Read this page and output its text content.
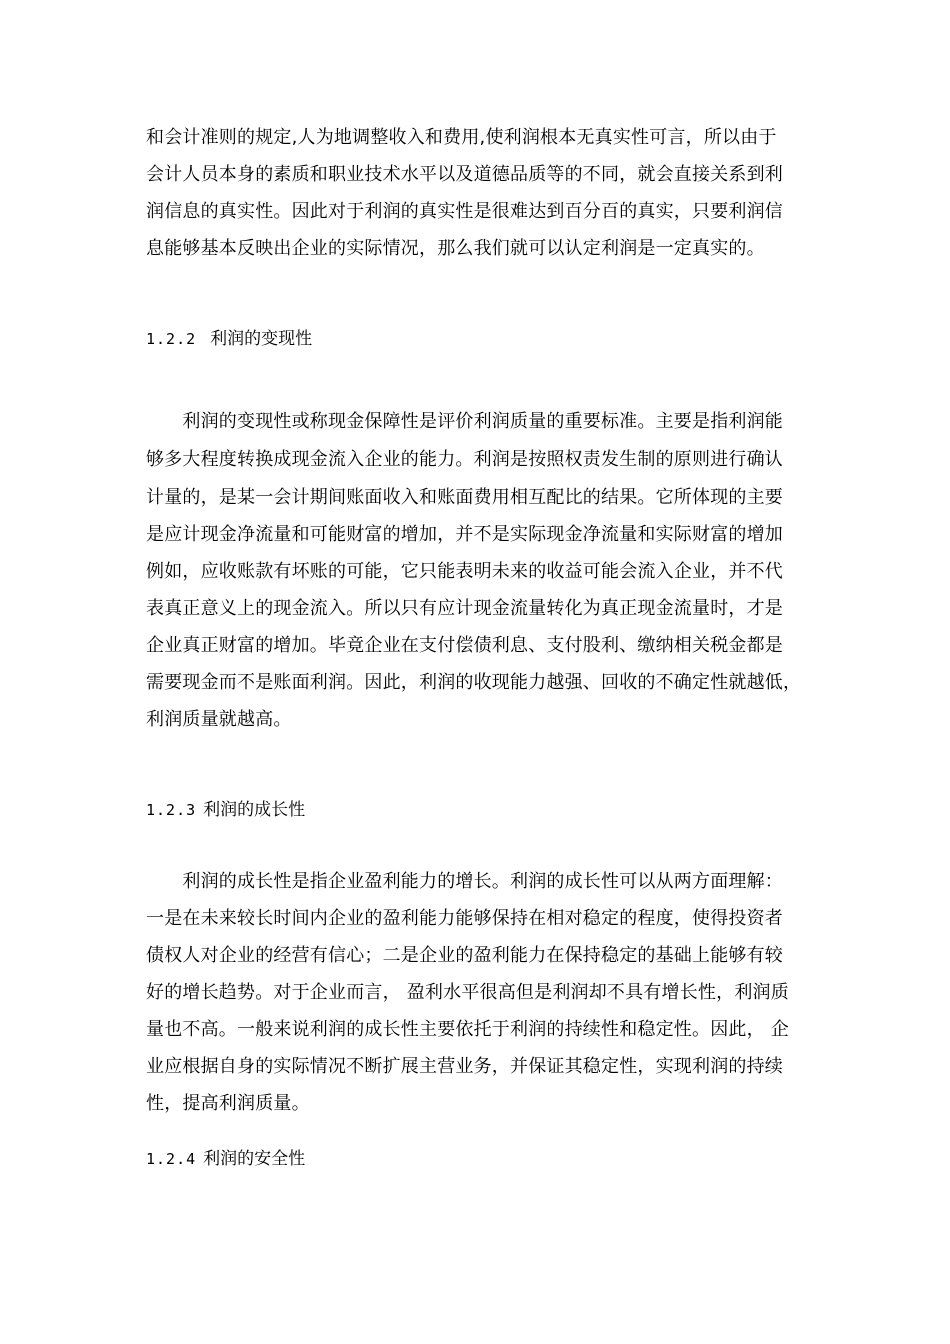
和会计准则的规定,人为地调整收入和费用,使利润根本无真实性可言，所以由于
会计人员本身的素质和职业技术水平以及道德品质等的不同，就会直接关系到利
润信息的真实性。因此对于利润的真实性是很难达到百分百的真实，只要利润信
息能够基本反映出企业的实际情况，那么我们就可以认定利润是一定真实的。
1.2.2 利润的变现性
　　利润的变现性或称现金保障性是评价利润质量的重要标准。主要是指利润能
够多大程度转换成现金流入企业的能力。利润是按照权责发生制的原则进行确认
计量的，是某一会计期间账面收入和账面费用相互配比的结果。它所体现的主要
是应计现金净流量和可能财富的增加，并不是实际现金净流量和实际财富的增加
例如，应收账款有坏账的可能，它只能表明未来的收益可能会流入企业，并不代
表真正意义上的现金流入。所以只有应计现金流量转化为真正现金流量时，才是
企业真正财富的增加。毕竟企业在支付偿债利息、支付股利、缴纳相关税金都是
需要现金而不是账面利润。因此，利润的收现能力越强、回收的不确定性就越低，
利润质量就越高。
1.2.3 利润的成长性
　　利润的成长性是指企业盈利能力的增长。利润的成长性可以从两方面理解：
一是在未来较长时间内企业的盈利能力能够保持在相对稳定的程度，使得投资者
债权人对企业的经营有信心；二是企业的盈利能力在保持稳定的基础上能够有较
好的增长趋势。对于企业而言， 盈利水平很高但是利润却不具有增长性，利润质
量也不高。一般来说利润的成长性主要依托于利润的持续性和稳定性。因此， 企
业应根据自身的实际情况不断扩展主营业务，并保证其稳定性，实现利润的持续
性，提高利润质量。
1.2.4 利润的安全性
